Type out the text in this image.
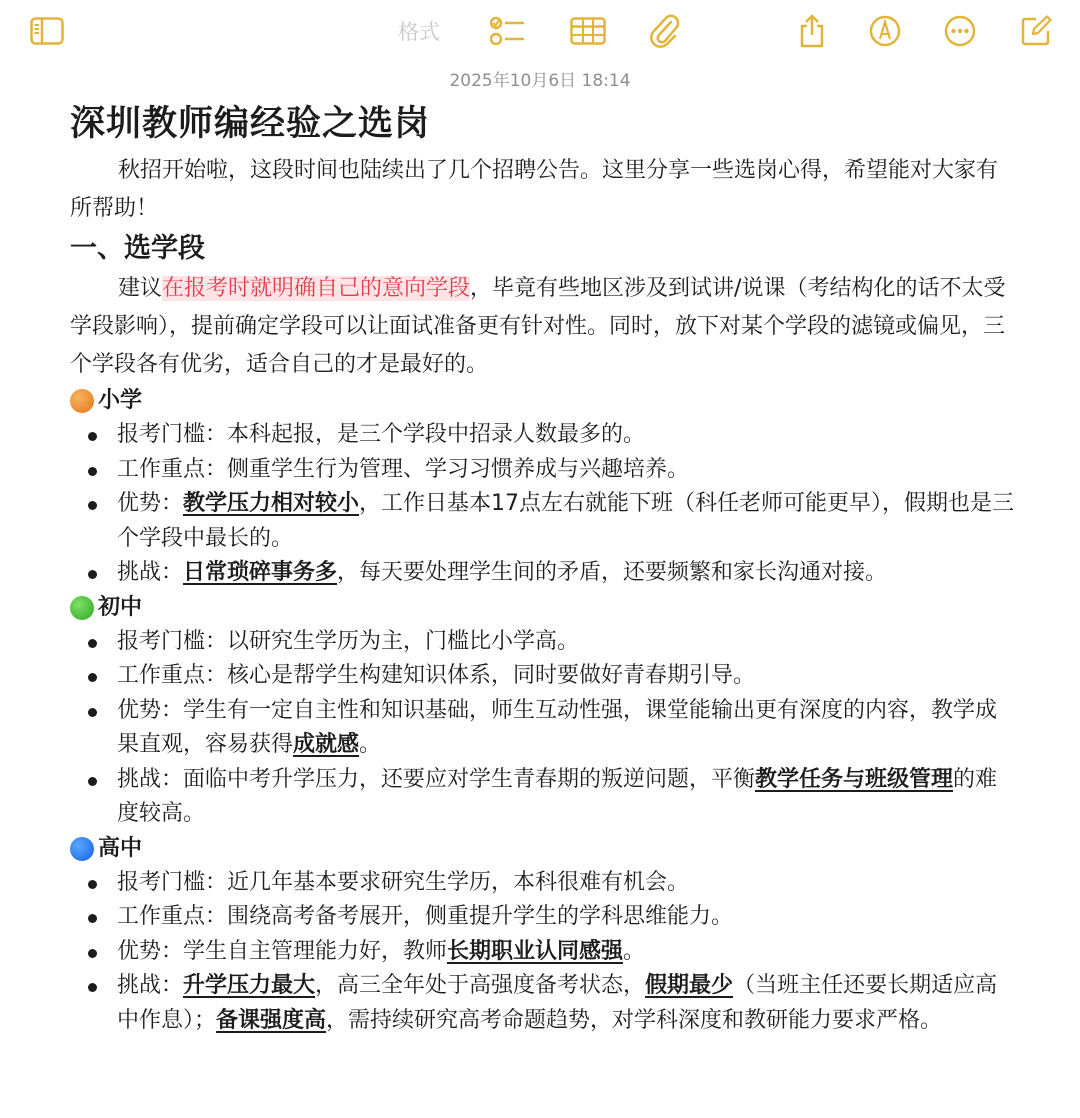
格式
2025年10月6日 18:14
深圳教师编经验之选岗

秋招开始啦，这段时间也陆续出了几个招聘公告。这里分享一些选岗心得，希望能对大家有所帮助！

一、选学段

建议在报考时就明确自己的意向学段，毕竟有些地区涉及到试讲/说课（考结构化的话不太受学段影响），提前确定学段可以让面试准备更有针对性。同时，放下对某个学段的滤镜或偏见，三个学段各有优劣，适合自己的才是最好的。

小学
报考门槛：本科起报，是三个学段中招录人数最多的。
工作重点：侧重学生行为管理、学习习惯养成与兴趣培养。
优势：教学压力相对较小，工作日基本17点左右就能下班（科任老师可能更早），假期也是三个学段中最长的。
挑战：日常琐碎事务多，每天要处理学生间的矛盾，还要频繁和家长沟通对接。
初中
报考门槛：以研究生学历为主，门槛比小学高。
工作重点：核心是帮学生构建知识体系，同时要做好青春期引导。
优势：学生有一定自主性和知识基础，师生互动性强，课堂能输出更有深度的内容，教学成果直观，容易获得成就感。
挑战：面临中考升学压力，还要应对学生青春期的叛逆问题，平衡教学任务与班级管理的难度较高。
高中
报考门槛：近几年基本要求研究生学历，本科很难有机会。
工作重点：围绕高考备考展开，侧重提升学生的学科思维能力。
优势：学生自主管理能力好，教师长期职业认同感强。
挑战：升学压力最大，高三全年处于高强度备考状态，假期最少（当班主任还要长期适应高中作息）；备课强度高，需持续研究高考命题趋势，对学科深度和教研能力要求严格。
